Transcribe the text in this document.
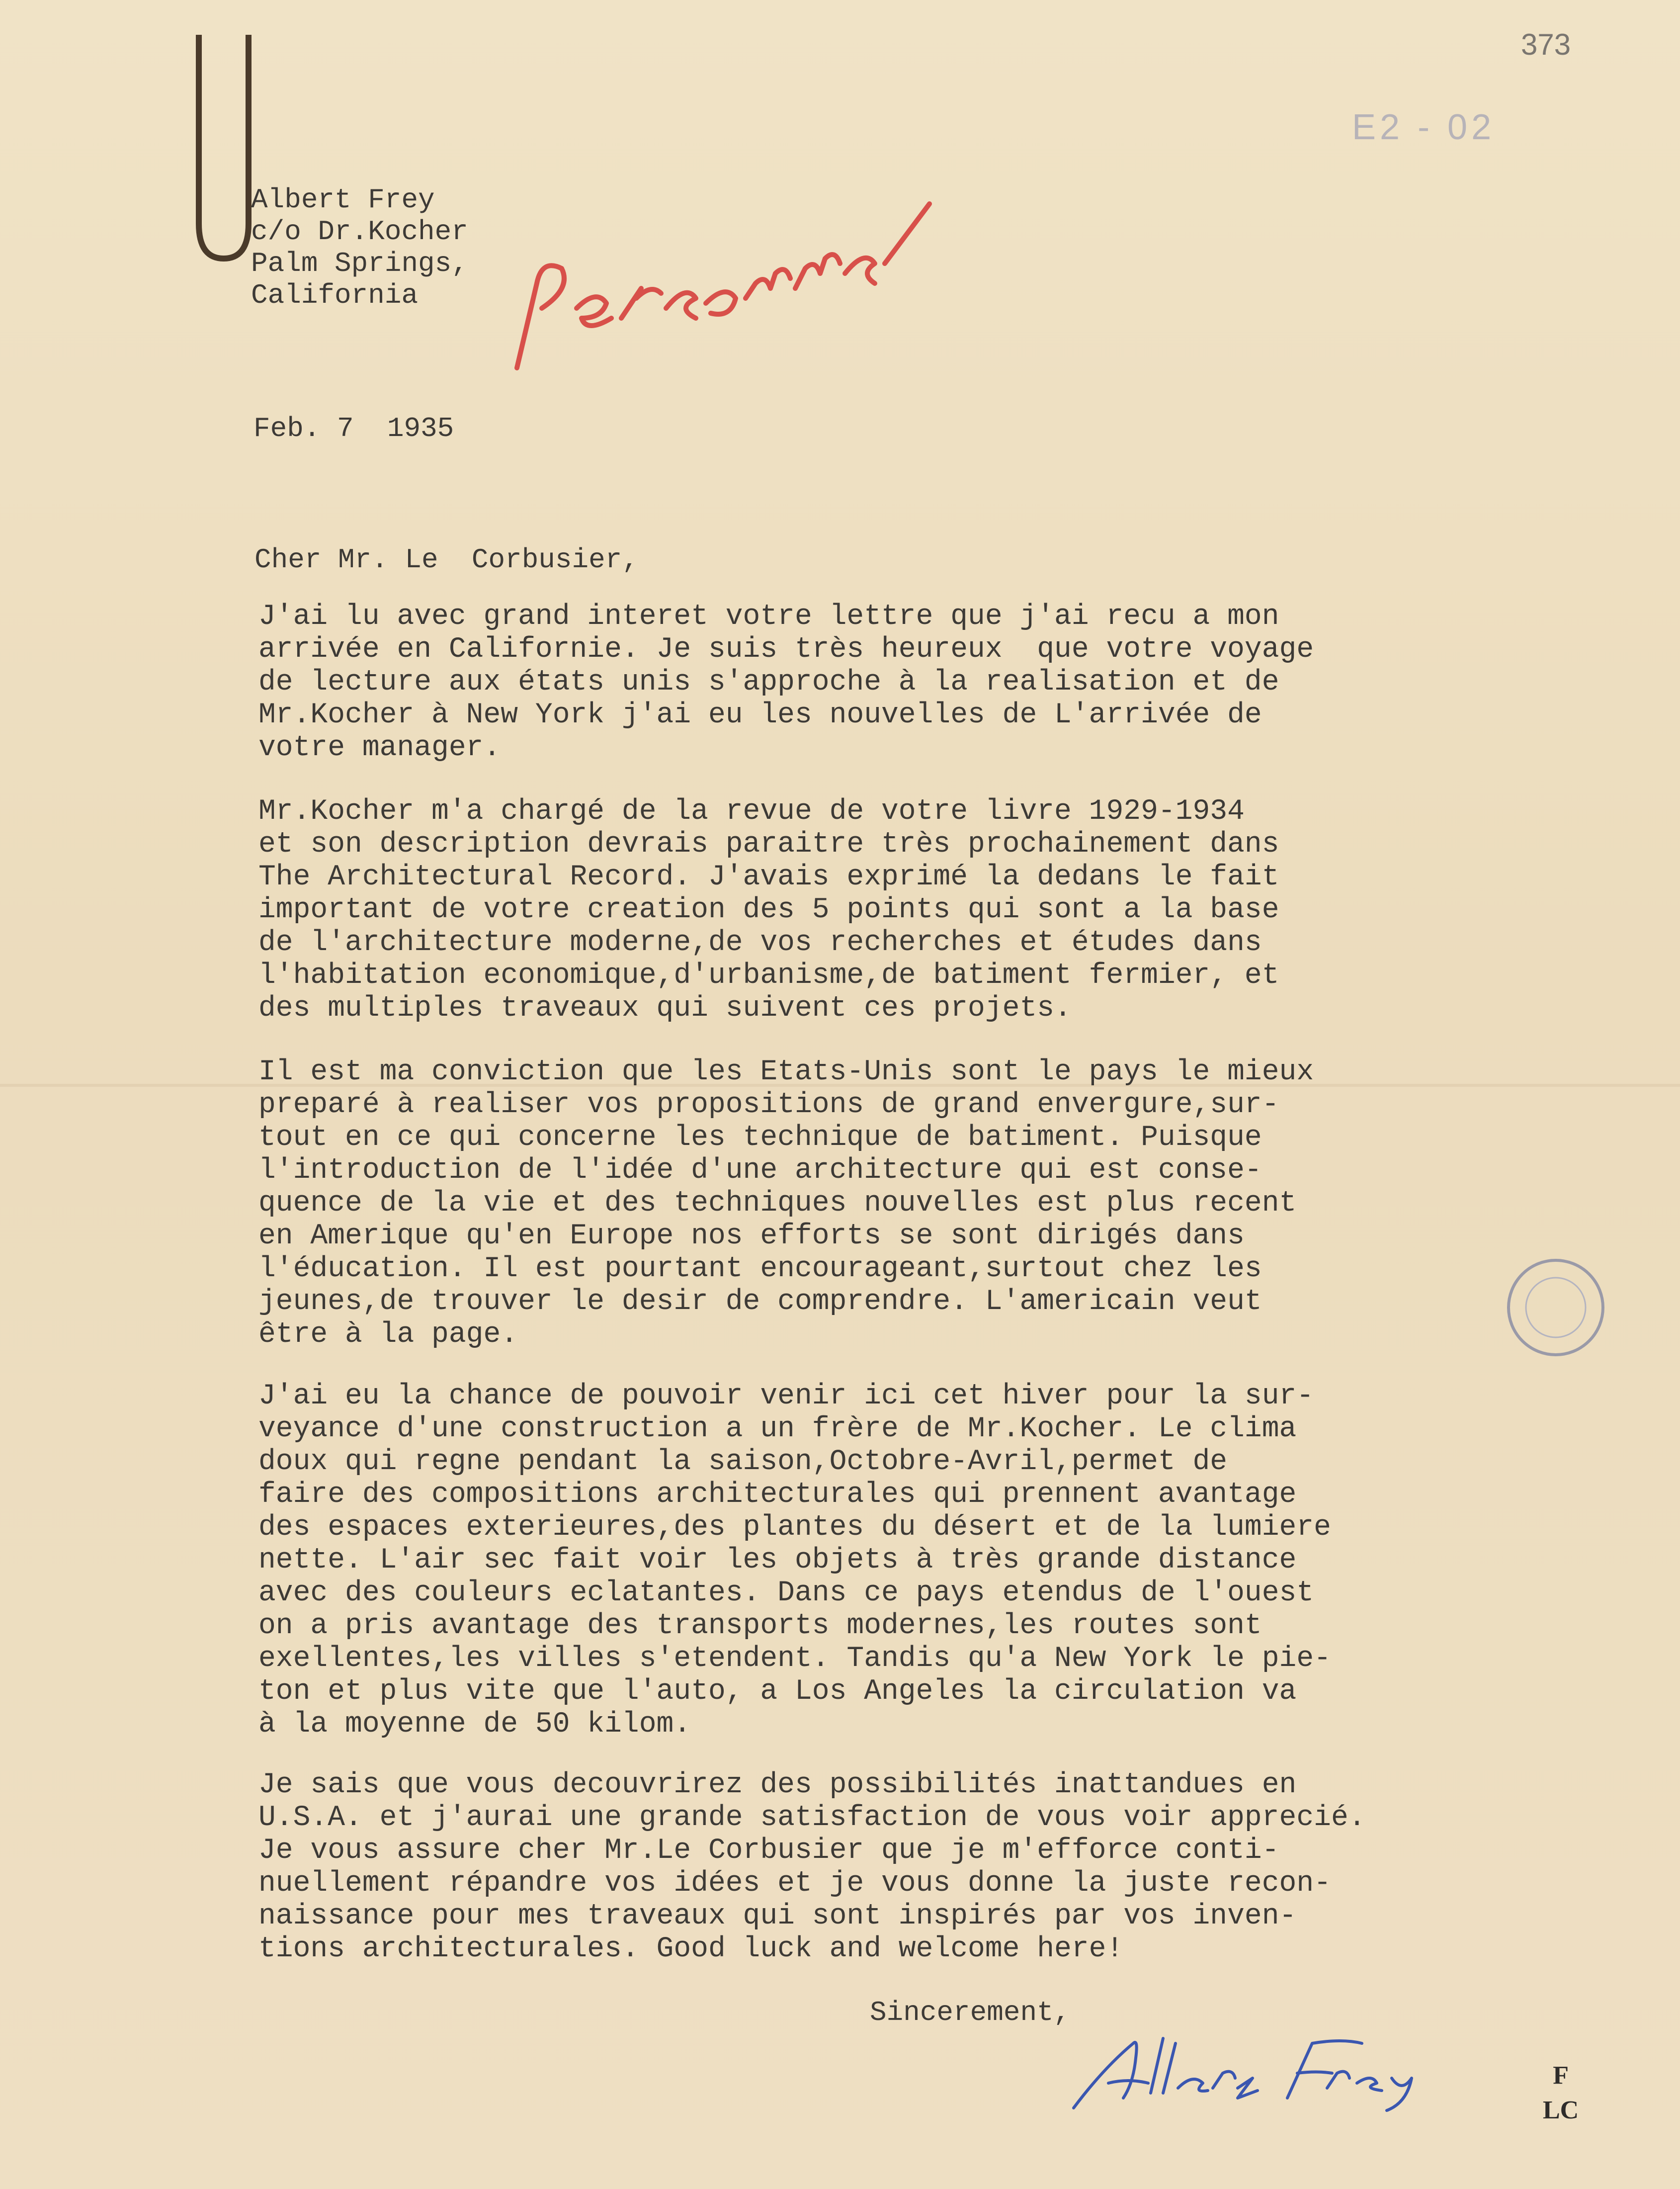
373
E2 - 02
Albert Frey
c/o Dr.Kocher
Palm Springs,
California
Feb. 7  1935
Cher Mr. Le  Corbusier,
J'ai lu avec grand interet votre lettre que j'ai recu a mon
arrivée en Californie. Je suis très heureux  que votre voyage
de lecture aux états unis s'approche à la realisation et de
Mr.Kocher à New York j'ai eu les nouvelles de L'arrivée de
votre manager.
Mr.Kocher m'a chargé de la revue de votre livre 1929-1934
et son description devrais paraitre très prochainement dans
The Architectural Record. J'avais exprimé la dedans le fait
important de votre creation des 5 points qui sont a la base
de l'architecture moderne,de vos recherches et études dans
l'habitation economique,d'urbanisme,de batiment fermier, et
des multiples traveaux qui suivent ces projets.
Il est ma conviction que les Etats-Unis sont le pays le mieux
preparé à realiser vos propositions de grand envergure,sur-
tout en ce qui concerne les technique de batiment. Puisque
l'introduction de l'idée d'une architecture qui est conse-
quence de la vie et des techniques nouvelles est plus recent
en Amerique qu'en Europe nos efforts se sont dirigés dans
l'éducation. Il est pourtant encourageant,surtout chez les
jeunes,de trouver le desir de comprendre. L'americain veut
être à la page.
J'ai eu la chance de pouvoir venir ici cet hiver pour la sur-
veyance d'une construction a un frère de Mr.Kocher. Le clima
doux qui regne pendant la saison,Octobre-Avril,permet de
faire des compositions architecturales qui prennent avantage
des espaces exterieures,des plantes du désert et de la lumiere
nette. L'air sec fait voir les objets à très grande distance
avec des couleurs eclatantes. Dans ce pays etendus de l'ouest
on a pris avantage des transports modernes,les routes sont
exellentes,les villes s'etendent. Tandis qu'a New York le pie-
ton et plus vite que l'auto, a Los Angeles la circulation va
à la moyenne de 50 kilom.
Je sais que vous decouvrirez des possibilités inattandues en
U.S.A. et j'aurai une grande satisfaction de vous voir apprecié.
Je vous assure cher Mr.Le Corbusier que je m'efforce conti-
nuellement répandre vos idées et je vous donne la juste recon-
naissance pour mes traveaux qui sont inspirés par vos inven-
tions architecturales. Good luck and welcome here!
Sincerement,
F
LC
